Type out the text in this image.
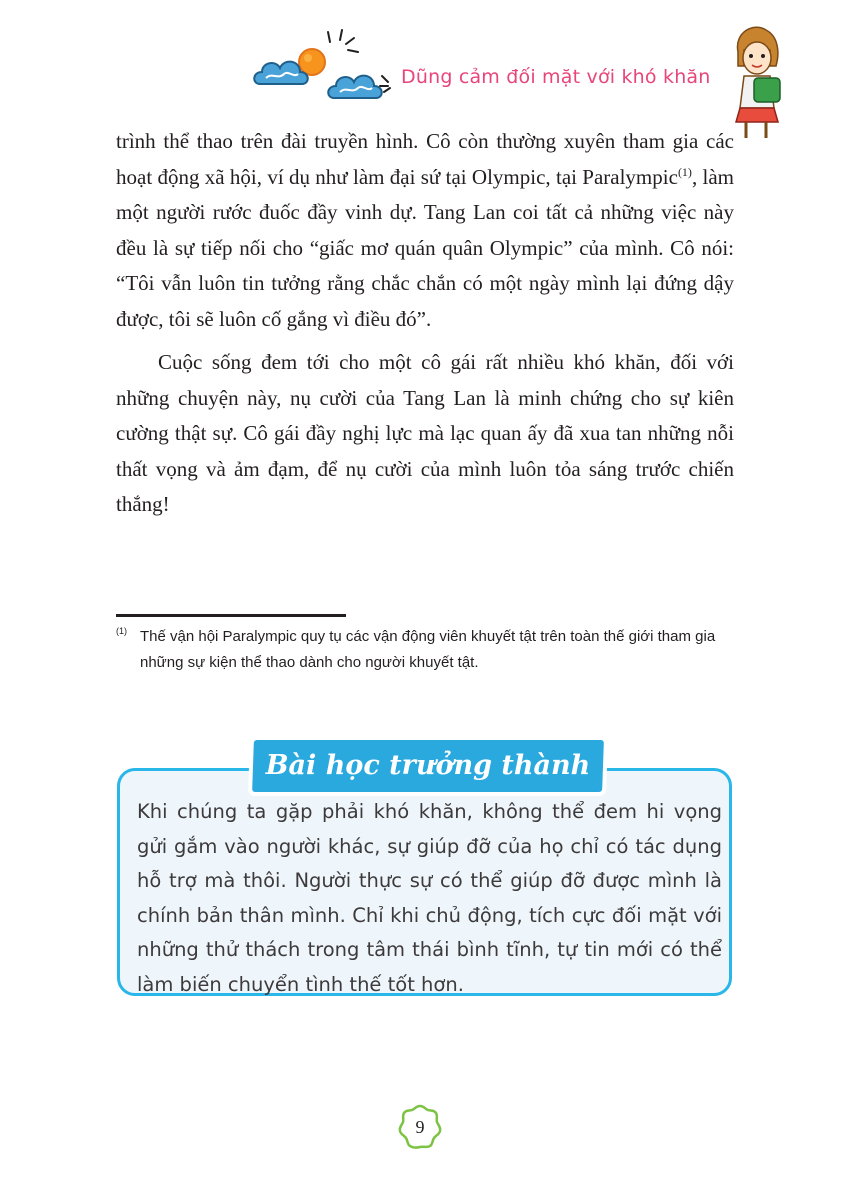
Dũng cảm đối mặt với khó khăn

trình thể thao trên đài truyền hình. Cô còn thường xuyên tham gia các hoạt động xã hội, ví dụ như làm đại sứ tại Olympic, tại Paralympic$^{(1)}$, làm một người rước đuốc đầy vinh dự. Tang Lan coi tất cả những việc này đều là sự tiếp nối cho “giấc mơ quán quân Olympic” của mình. Cô nói: “Tôi vẫn luôn tin tưởng rằng chắc chắn có một ngày mình lại đứng dậy được, tôi sẽ luôn cố gắng vì điều đó”.

Cuộc sống đem tới cho một cô gái rất nhiều khó khăn, đối với những chuyện này, nụ cười của Tang Lan là minh chứng cho sự kiên cường thật sự. Cô gái đầy nghị lực mà lạc quan ấy đã xua tan những nỗi thất vọng và ảm đạm, để nụ cười của mình luôn tỏa sáng trước chiến thắng!

(1) Thế vận hội Paralympic quy tụ các vận động viên khuyết tật trên toàn thế giới tham gia những sự kiện thể thao dành cho người khuyết tật.
Bài học trưởng thành
Khi chúng ta gặp phải khó khăn, không thể đem hi vọng gửi gắm vào người khác, sự giúp đỡ của họ chỉ có tác dụng hỗ trợ mà thôi. Người thực sự có thể giúp đỡ được mình là chính bản thân mình. Chỉ khi chủ động, tích cực đối mặt với những thử thách trong tâm thái bình tĩnh, tự tin mới có thể làm biến chuyển tình thế tốt hơn.
9
